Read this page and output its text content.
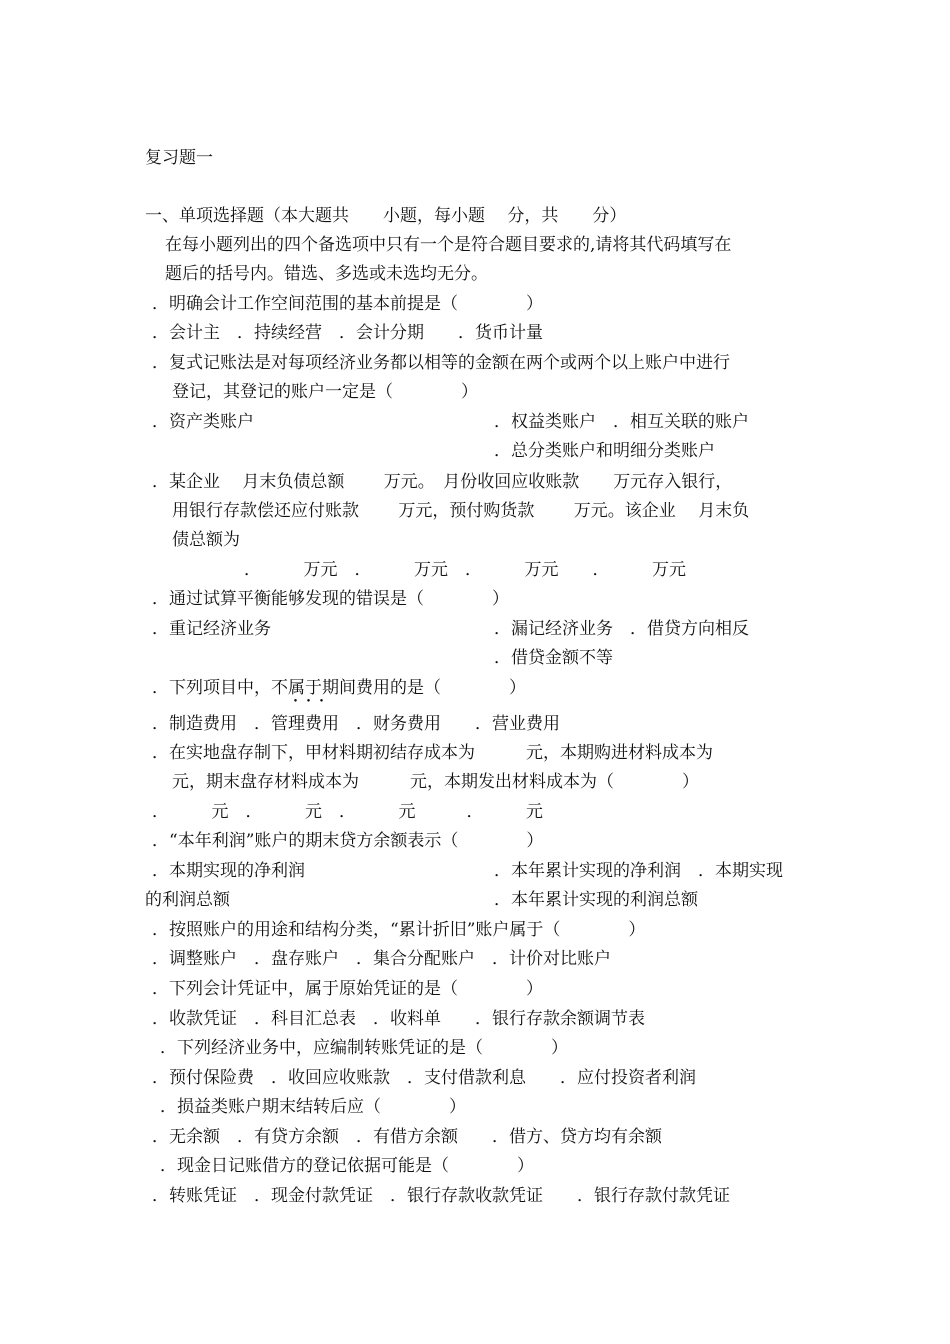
复习题一
一、单项选择题（本大题共　　小题，每小题　 分，共　　分）
在每小题列出的四个备选项中只有一个是符合题目要求的,请将其代码填写在
题后的括号内。错选、多选或未选均无分。
．明确会计工作空间范围的基本前提是（　　　　）
．会计主　．持续经营　．会计分期　　．货币计量
．复式记账法是对每项经济业务都以相等的金额在两个或两个以上账户中进行
登记，其登记的账户一定是（　　　　）
．资产类账户	．权益类账户　．相互关联的账户
．总分类账户和明细分类账户
．某企业　 月末负债总额　　 万元。　月份收回应收账款　　万元存入银行，
用银行存款偿还应付账款　　 万元，预付购货款　　 万元。该企业　 月末负
债总额为
．　　　万元　．　　　万元　．　　　万元　　．　　　万元
．通过试算平衡能够发现的错误是（　　　　）
．重记经济业务	．漏记经济业务　．借贷方向相反
．借贷金额不等
．下列项目中，不属于期间费用的是（　　　　）
･･･
．制造费用　．管理费用　．财务费用　　．营业费用
．在实地盘存制下，甲材料期初结存成本为　　　元，本期购进材料成本为
元，期末盘存材料成本为　　　元，本期发出材料成本为（　　　　）
．　　　元　．　　　元　．　　　元　　　．　　　元
．“本年利润”账户的期末贷方余额表示（　　　　）
．本期实现的净利润	．本年累计实现的净利润　．本期实现
的利润总额	．本年累计实现的利润总额
．按照账户的用途和结构分类，“累计折旧”账户属于（　　　　）
．调整账户　．盘存账户　．集合分配账户　．计价对比账户
．下列会计凭证中，属于原始凭证的是（　　　　）
．收款凭证　．科目汇总表　．收料单　　．银行存款余额调节表
．下列经济业务中，应编制转账凭证的是（　　　　）
．预付保险费　．收回应收账款　．支付借款利息　　．应付投资者利润
．损益类账户期末结转后应（　　　　）
．无余额　．有贷方余额　．有借方余额　　．借方、贷方均有余额
．现金日记账借方的登记依据可能是（　　　　）
．转账凭证　．现金付款凭证　．银行存款收款凭证　　．银行存款付款凭证
